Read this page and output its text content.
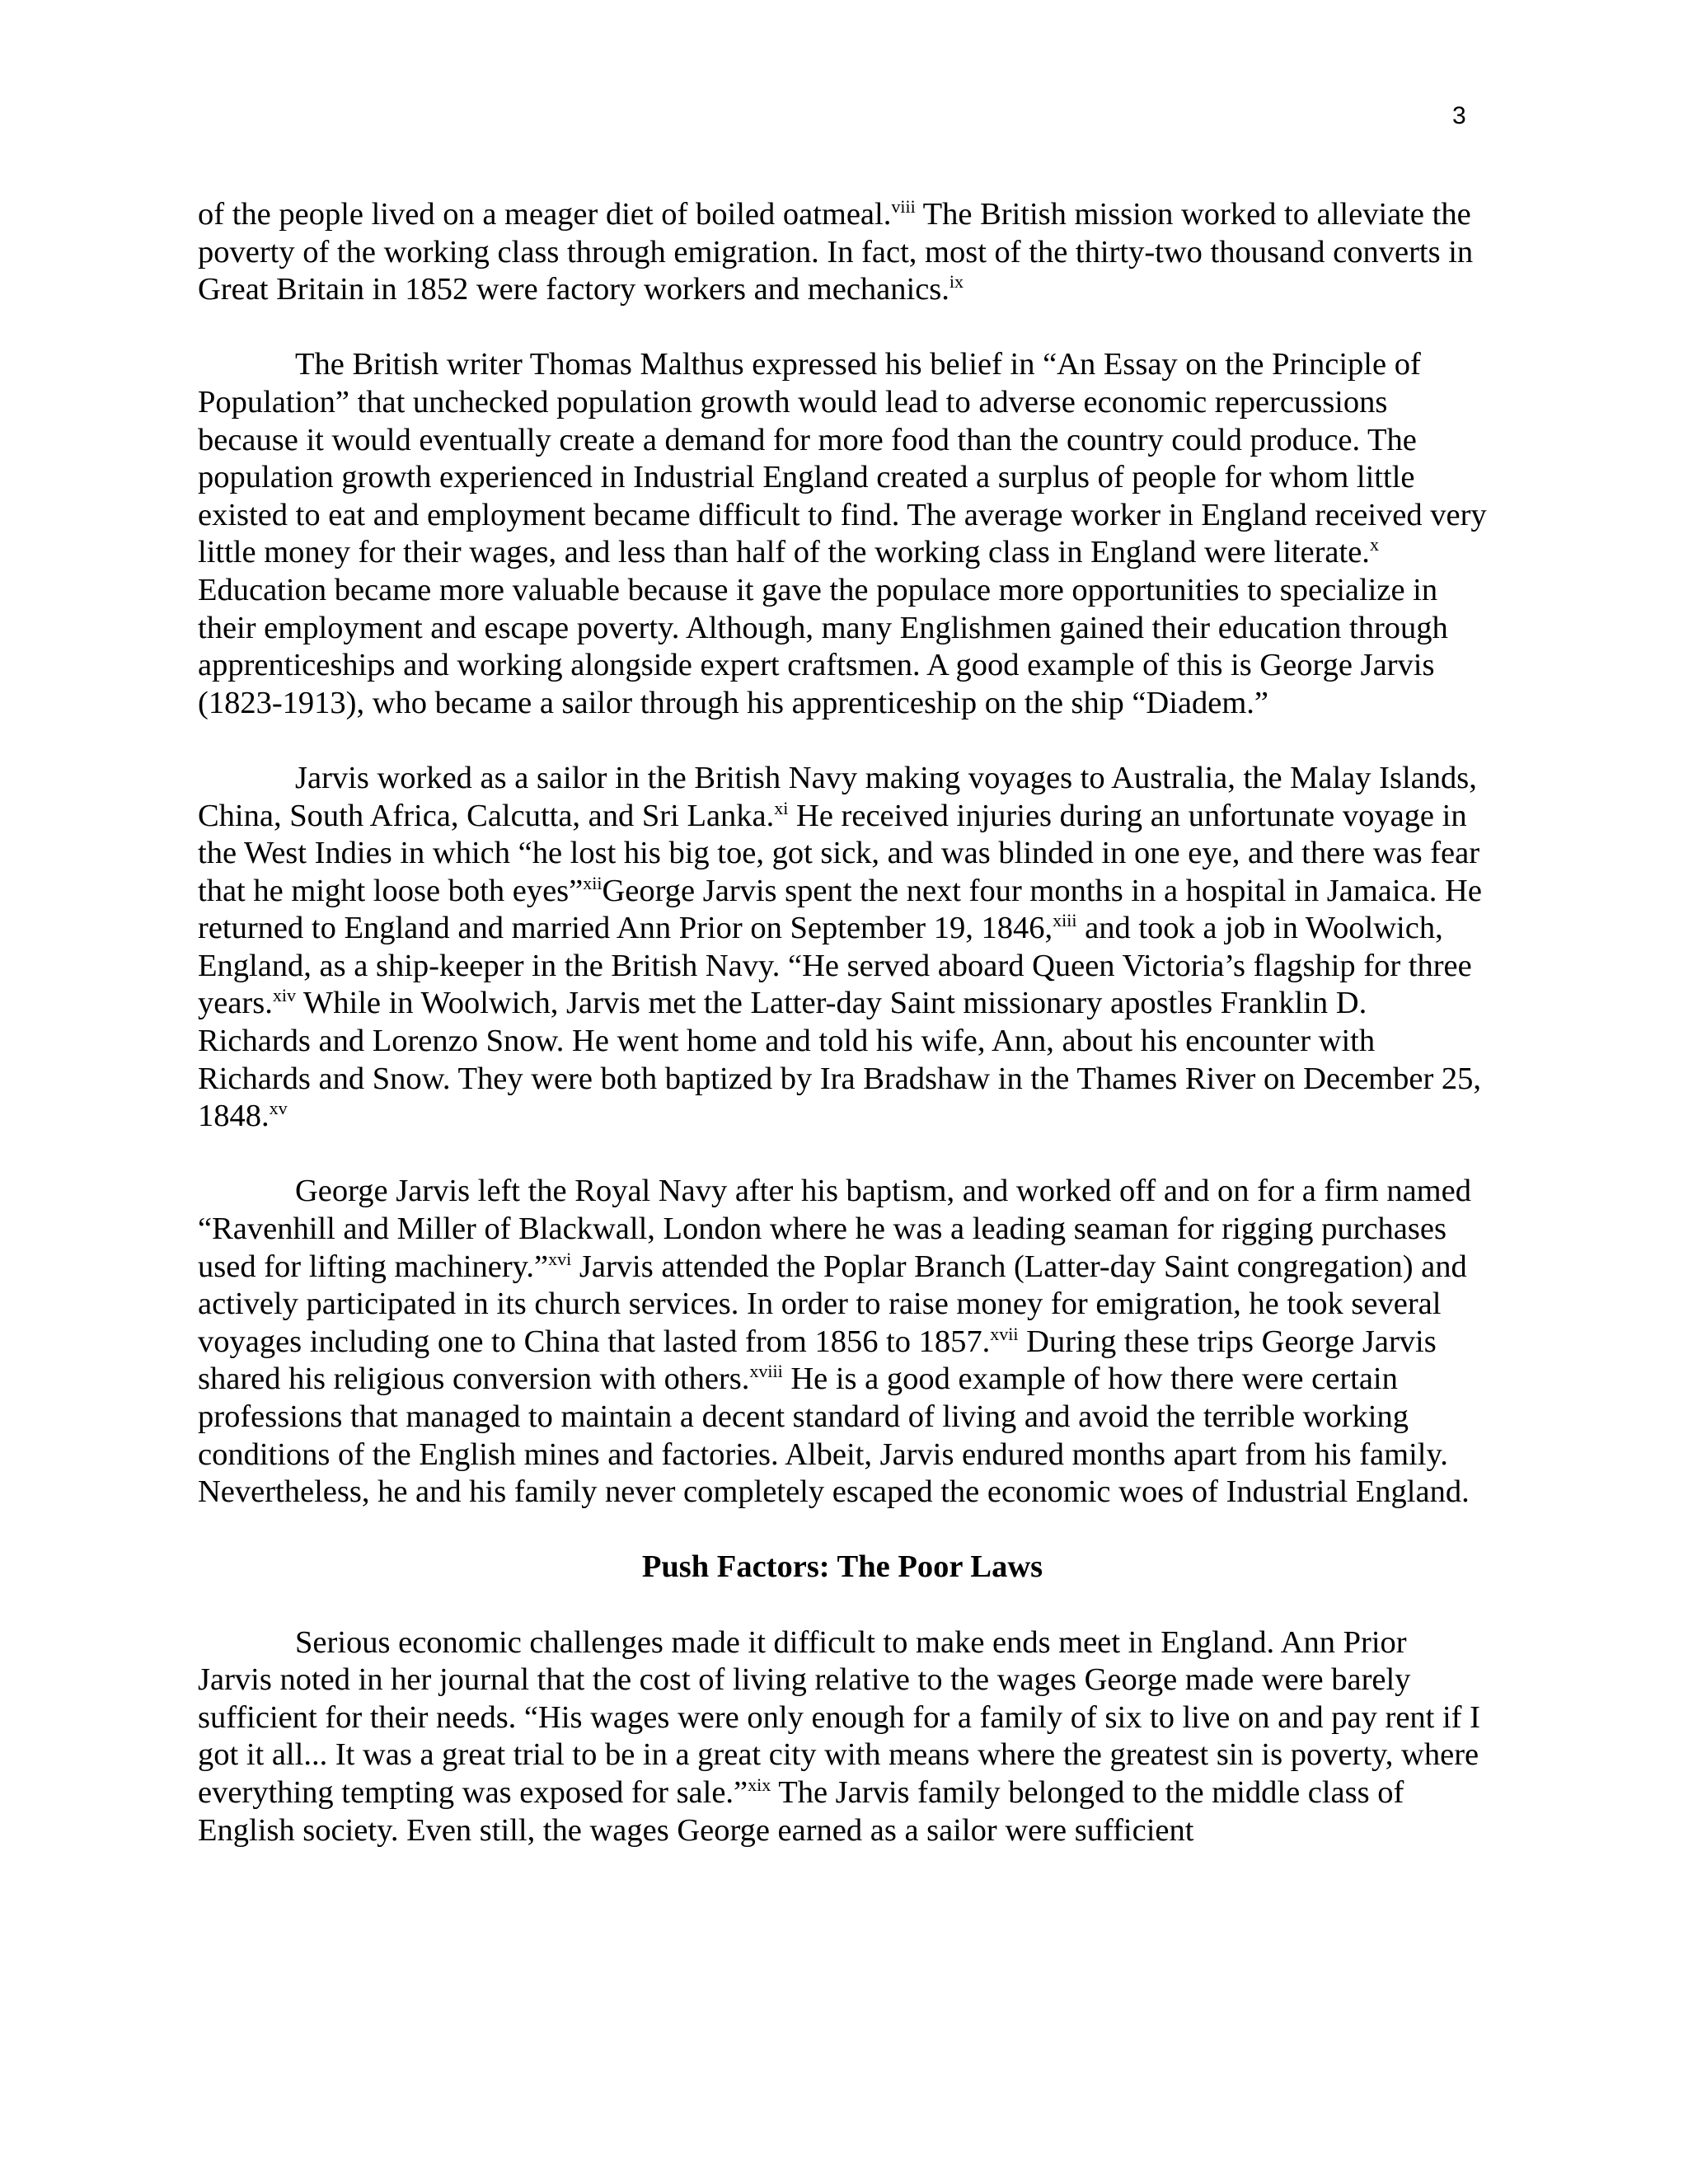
3

of the people lived on a meager diet of boiled oatmeal.$^{viii}$ The British mission worked to alleviate the poverty of the working class through emigration. In fact, most of the thirty-two thousand converts in Great Britain in 1852 were factory workers and mechanics.$^{ix}$

The British writer Thomas Malthus expressed his belief in “An Essay on the Principle of Population” that unchecked population growth would lead to adverse economic repercussions because it would eventually create a demand for more food than the country could produce. The population growth experienced in Industrial England created a surplus of people for whom little existed to eat and employment became difficult to find. The average worker in England received very little money for their wages, and less than half of the working class in England were literate.$^x$ Education became more valuable because it gave the populace more opportunities to specialize in their employment and escape poverty. Although, many Englishmen gained their education through apprenticeships and working alongside expert craftsmen. A good example of this is George Jarvis (1823-1913), who became a sailor through his apprenticeship on the ship “Diadem.”

Jarvis worked as a sailor in the British Navy making voyages to Australia, the Malay Islands, China, South Africa, Calcutta, and Sri Lanka.$^{xi}$ He received injuries during an unfortunate voyage in the West Indies in which “he lost his big toe, got sick, and was blinded in one eye, and there was fear that he might loose both eyes”$^{xii}$George Jarvis spent the next four months in a hospital in Jamaica. He returned to England and married Ann Prior on September 19, 1846,$^{xiii}$ and took a job in Woolwich, England, as a ship-keeper in the British Navy. “He served aboard Queen Victoria’s flagship for three years.$^{xiv}$ While in Woolwich, Jarvis met the Latter-day Saint missionary apostles Franklin D. Richards and Lorenzo Snow. He went home and told his wife, Ann, about his encounter with Richards and Snow. They were both baptized by Ira Bradshaw in the Thames River on December 25, 1848.$^{xv}$

George Jarvis left the Royal Navy after his baptism, and worked off and on for a firm named “Ravenhill and Miller of Blackwall, London where he was a leading seaman for rigging purchases used for lifting machinery.”$^{xvi}$ Jarvis attended the Poplar Branch (Latter-day Saint congregation) and actively participated in its church services. In order to raise money for emigration, he took several voyages including one to China that lasted from 1856 to 1857.$^{xvii}$ During these trips George Jarvis shared his religious conversion with others.$^{xviii}$ He is a good example of how there were certain professions that managed to maintain a decent standard of living and avoid the terrible working conditions of the English mines and factories. Albeit, Jarvis endured months apart from his family. Nevertheless, he and his family never completely escaped the economic woes of Industrial England.

Push Factors: The Poor Laws

Serious economic challenges made it difficult to make ends meet in England. Ann Prior Jarvis noted in her journal that the cost of living relative to the wages George made were barely sufficient for their needs. “His wages were only enough for a family of six to live on and pay rent if I got it all... It was a great trial to be in a great city with means where the greatest sin is poverty, where everything tempting was exposed for sale.”$^{xix}$ The Jarvis family belonged to the middle class of English society. Even still, the wages George earned as a sailor were sufficient
